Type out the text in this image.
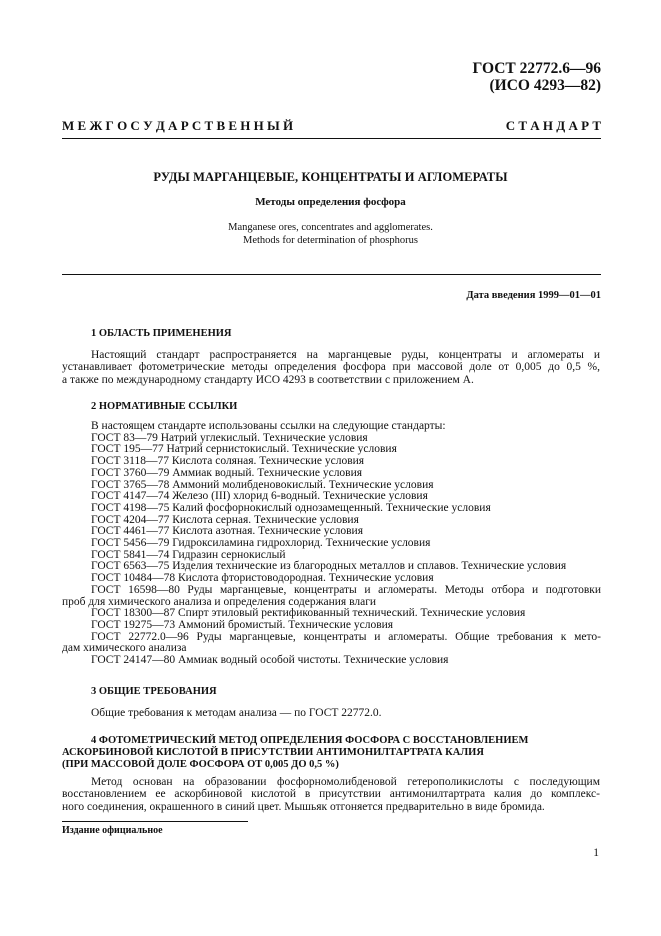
ГОСТ 22772.6—96
(ИСО 4293—82)
М Е Ж Г О С У Д А Р С Т В Е Н Н Ы Й	С Т А Н Д А Р Т
РУДЫ МАРГАНЦЕВЫЕ, КОНЦЕНТРАТЫ И АГЛОМЕРАТЫ
Методы определения фосфора
Manganese ores, concentrates and agglomerates.
Methods for determination of phosphorus
Дата введения 1999—01—01
1 ОБЛАСТЬ ПРИМЕНЕНИЯ
Настоящий стандарт распространяется на марганцевые руды, концентраты и агломераты и
устанавливает фотометрические методы определения фосфора при массовой доле от 0,005 до 0,5 %,
а также по международному стандарту ИСО 4293 в соответствии с приложением А.
2 НОРМАТИВНЫЕ ССЫЛКИ
В настоящем стандарте использованы ссылки на следующие стандарты:
ГОСТ 83—79 Натрий углекислый. Технические условия
ГОСТ 195—77 Натрий сернистокислый. Технические условия
ГОСТ 3118—77 Кислота соляная. Технические условия
ГОСТ 3760—79 Аммиак водный. Технические условия
ГОСТ 3765—78 Аммоний молибденовокислый. Технические условия
ГОСТ 4147—74 Железо (III) хлорид 6-водный. Технические условия
ГОСТ 4198—75 Калий фосфорнокислый однозамещенный. Технические условия
ГОСТ 4204—77 Кислота серная. Технические условия
ГОСТ 4461—77 Кислота азотная. Технические условия
ГОСТ 5456—79 Гидроксиламина гидрохлорид. Технические условия
ГОСТ 5841—74 Гидразин сернокислый
ГОСТ 6563—75 Изделия технические из благородных металлов и сплавов. Технические условия
ГОСТ 10484—78 Кислота фтористоводородная. Технические условия
ГОСТ 16598—80 Руды марганцевые, концентраты и агломераты. Методы отбора и подготовки
проб для химического анализа и определения содержания влаги
ГОСТ 18300—87 Спирт этиловый ректификованный технический. Технические условия
ГОСТ 19275—73 Аммоний бромистый. Технические условия
ГОСТ 22772.0—96 Руды марганцевые, концентраты и агломераты. Общие требования к мето-
дам химического анализа
ГОСТ 24147—80 Аммиак водный особой чистоты. Технические условия
3 ОБЩИЕ ТРЕБОВАНИЯ
Общие требования к методам анализа — по ГОСТ 22772.0.
4 ФОТОМЕТРИЧЕСКИЙ МЕТОД ОПРЕДЕЛЕНИЯ ФОСФОРА С ВОССТАНОВЛЕНИЕМ
АСКОРБИНОВОЙ КИСЛОТОЙ В ПРИСУТСТВИИ АНТИМОНИЛТАРТРАТА КАЛИЯ
(ПРИ МАССОВОЙ ДОЛЕ ФОСФОРА ОТ 0,005 ДО 0,5 %)
Метод основан на образовании фосфорномолибденовой гетерополикислоты с последующим
восстановлением ее аскорбиновой кислотой в присутствии антимонилтартрата калия до комплекс-
ного соединения, окрашенного в синий цвет. Мышьяк отгоняется предварительно в виде бромида.
Издание официальное
1
